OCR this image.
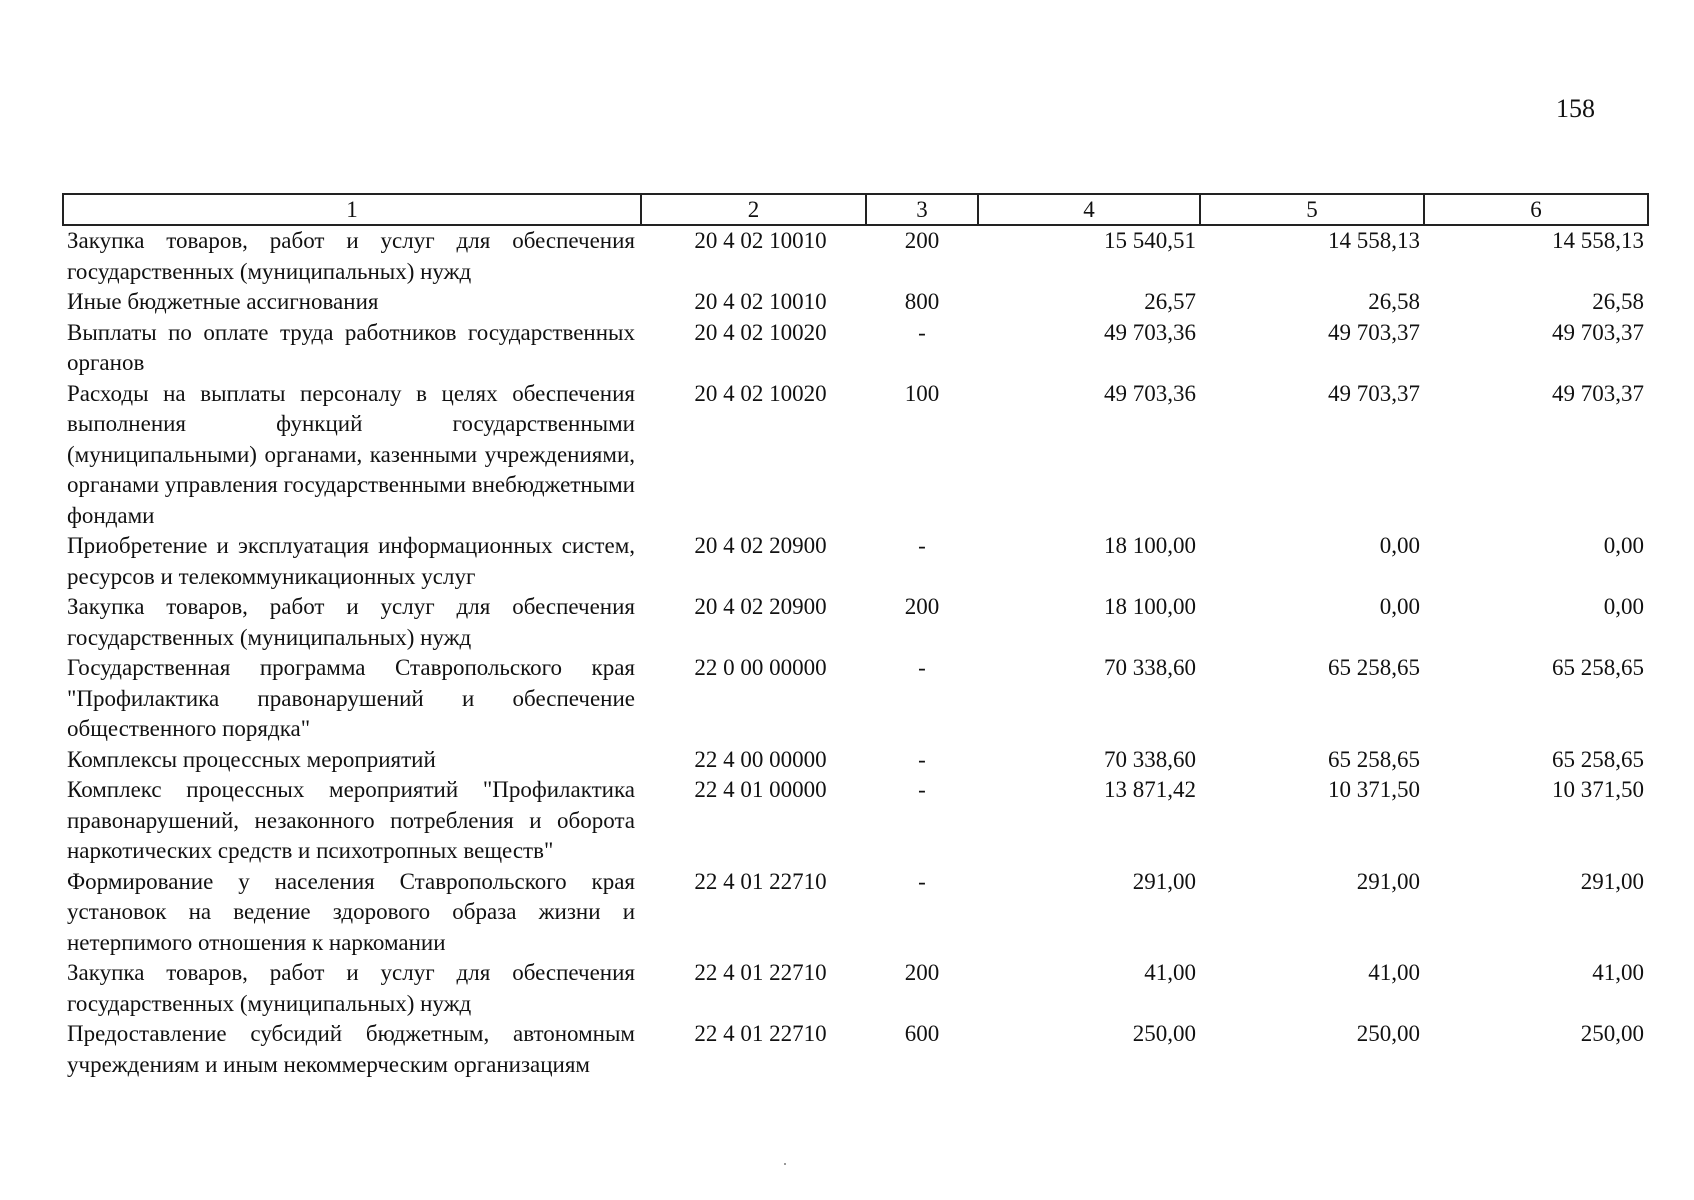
158
1	2	3	4	5	6
Закупка товаров, работ и услуг для обеспечения государственных (муниципальных) нужд	20 4 02 10010	200	15 540,51	14 558,13	14 558,13
Иные бюджетные ассигнования	20 4 02 10010	800	26,57	26,58	26,58
Выплаты по оплате труда работников государственных органов	20 4 02 10020	-	49 703,36	49 703,37	49 703,37
Расходы на выплаты персоналу в целях обеспечения выполнения функций государственными (муниципальными) органами, казенными учреждениями, органами управления государственными внебюджетными фондами	20 4 02 10020	100	49 703,36	49 703,37	49 703,37
Приобретение и эксплуатация информационных систем, ресурсов и телекоммуникационных услуг	20 4 02 20900	-	18 100,00	0,00	0,00
Закупка товаров, работ и услуг для обеспечения государственных (муниципальных) нужд	20 4 02 20900	200	18 100,00	0,00	0,00
Государственная программа Ставропольского края "Профилактика правонарушений и обеспечение общественного порядка"	22 0 00 00000	-	70 338,60	65 258,65	65 258,65
Комплексы процессных мероприятий	22 4 00 00000	-	70 338,60	65 258,65	65 258,65
Комплекс процессных мероприятий "Профилактика правонарушений, незаконного потребления и оборота наркотических средств и психотропных веществ"	22 4 01 00000	-	13 871,42	10 371,50	10 371,50
Формирование у населения Ставропольского края установок на ведение здорового образа жизни и нетерпимого отношения к наркомании	22 4 01 22710	-	291,00	291,00	291,00
Закупка товаров, работ и услуг для обеспечения государственных (муниципальных) нужд	22 4 01 22710	200	41,00	41,00	41,00
Предоставление субсидий бюджетным, автономным учреждениям и иным некоммерческим организациям	22 4 01 22710	600	250,00	250,00	250,00
